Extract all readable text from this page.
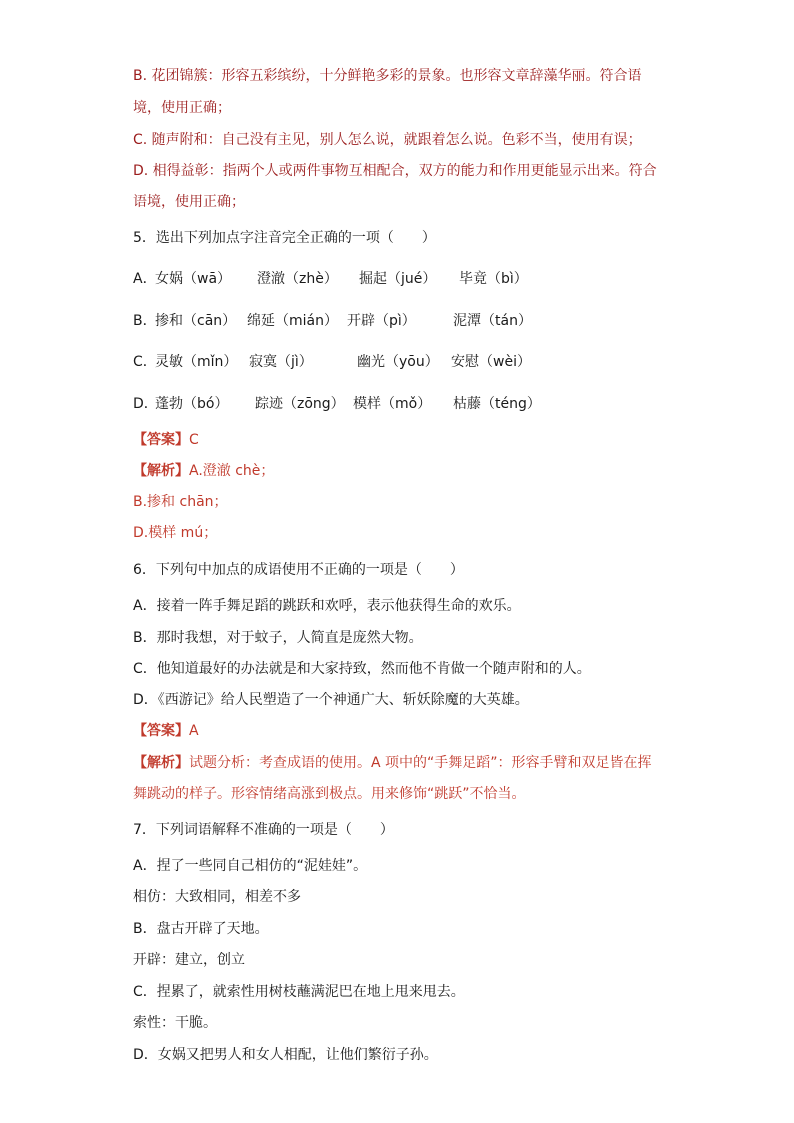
B. 花团锦簇：形容五彩缤纷，十分鲜艳多彩的景象。也形容文章辞藻华丽。符合语
境，使用正确；
C. 随声附和：自己没有主见，别人怎么说，就跟着怎么说。色彩不当，使用有误；
D. 相得益彰：指两个人或两件事物互相配合，双方的能力和作用更能显示出来。符合
语境，使用正确；
5．选出下列加点字注音完全正确的一项（　　）
A．
女娲（wā） 澄澈（zhè） 掘起（jué） 毕竟（bì）
B．
掺和（cān） 绵延（mián） 开辟（pì）	泥潭（tán）
C．
灵敏（mǐn） 寂寞（jì）	幽光（yōu） 安慰（wèi）
D．
蓬勃（bó） 踪迹（zōng） 模样（mǒ） 枯藤（téng）
【答案】C
【解析】A.澄澈 chè；
B.掺和 chān；
D.模样 mú；
6．下列句中加点的成语使用不正确的一项是（　　）
A．接着一阵手舞足蹈的跳跃和欢呼，表示他获得生命的欢乐。
B．那时我想，对于蚊子，人简直是庞然大物。
C．他知道最好的办法就是和大家持致，然而他不肯做一个随声附和的人。
D．《西游记》给人民塑造了一个神通广大、斩妖除魔的大英雄。
【答案】A
【解析】试题分析：考查成语的使用。A 项中的“手舞足蹈”：形容手臂和双足皆在挥
舞跳动的样子。形容情绪高涨到极点。用来修饰“跳跃”不恰当。
7．下列词语解释不准确的一项是（　　）
A．捏了一些同自己相仿的“泥娃娃”。
相仿：大致相同，相差不多
B．盘古开辟了天地。
开辟：建立，创立
C．捏累了，就索性用树枝蘸满泥巴在地上甩来甩去。
索性：干脆。
D．女娲又把男人和女人相配，让他们繁衍子孙。
